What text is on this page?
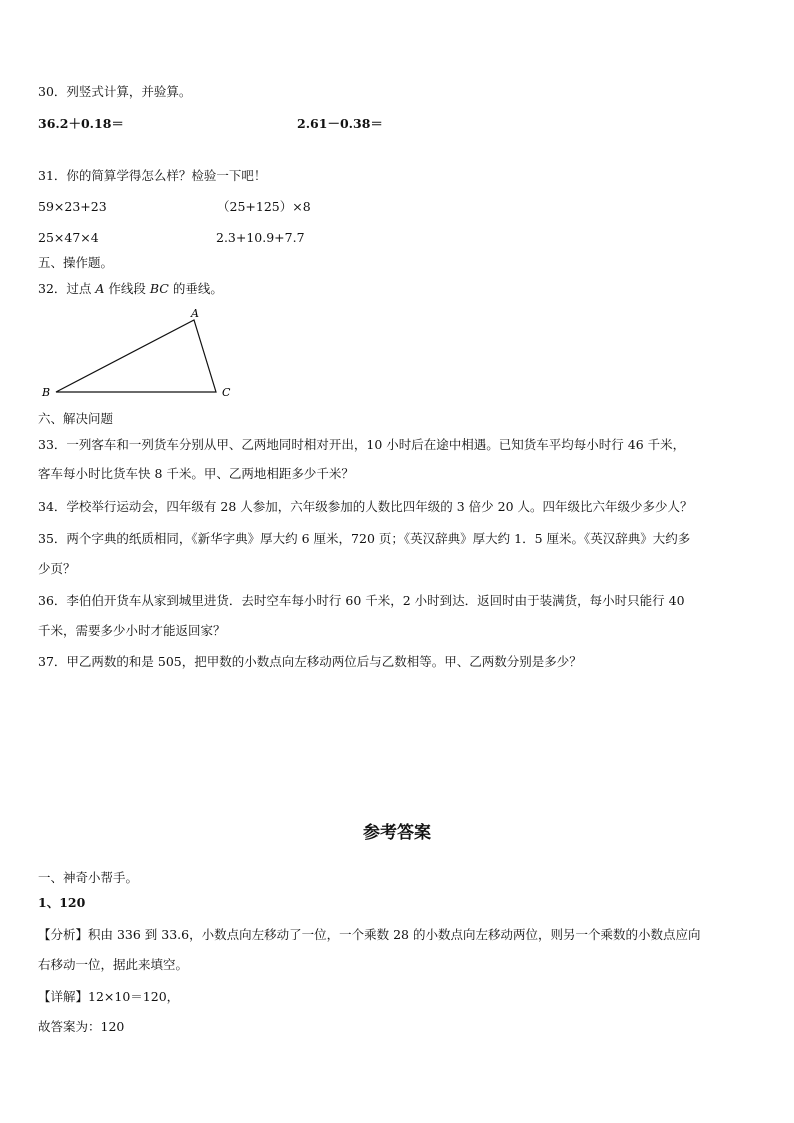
30．列竖式计算，并验算。
36.2＋0.18＝	2.61－0.38＝
31．你的简算学得怎么样？检验一下吧！
59×23+23	（25+125）×8
25×47×4	2.3+10.9+7.7
五、操作题。
32．过点 A 作线段 BC 的垂线。
A
B	C
六、解决问题
33．一列客车和一列货车分别从甲、乙两地同时相对开出，10 小时后在途中相遇。已知货车平均每小时行 46 千米，
客车每小时比货车快 8 千米。甲、乙两地相距多少千米？
34．学校举行运动会，四年级有 28 人参加，六年级参加的人数比四年级的 3 倍少 20 人。四年级比六年级少多少人？
35．两个字典的纸质相同，《新华字典》厚大约 6 厘米，720 页；《英汉辞典》厚大约 1．5 厘米。《英汉辞典》大约多
少页？
36．李伯伯开货车从家到城里进货．去时空车每小时行 60 千米，2 小时到达．返回时由于装满货，每小时只能行 40
千米，需要多少小时才能返回家？
37．甲乙两数的和是 505，把甲数的小数点向左移动两位后与乙数相等。甲、乙两数分别是多少？
参考答案
一、神奇小帮手。
1、120
【分析】积由 336 到 33.6，小数点向左移动了一位，一个乘数 28 的小数点向左移动两位，则另一个乘数的小数点应向
右移动一位，据此来填空。
【详解】12×10＝120，
故答案为：120
